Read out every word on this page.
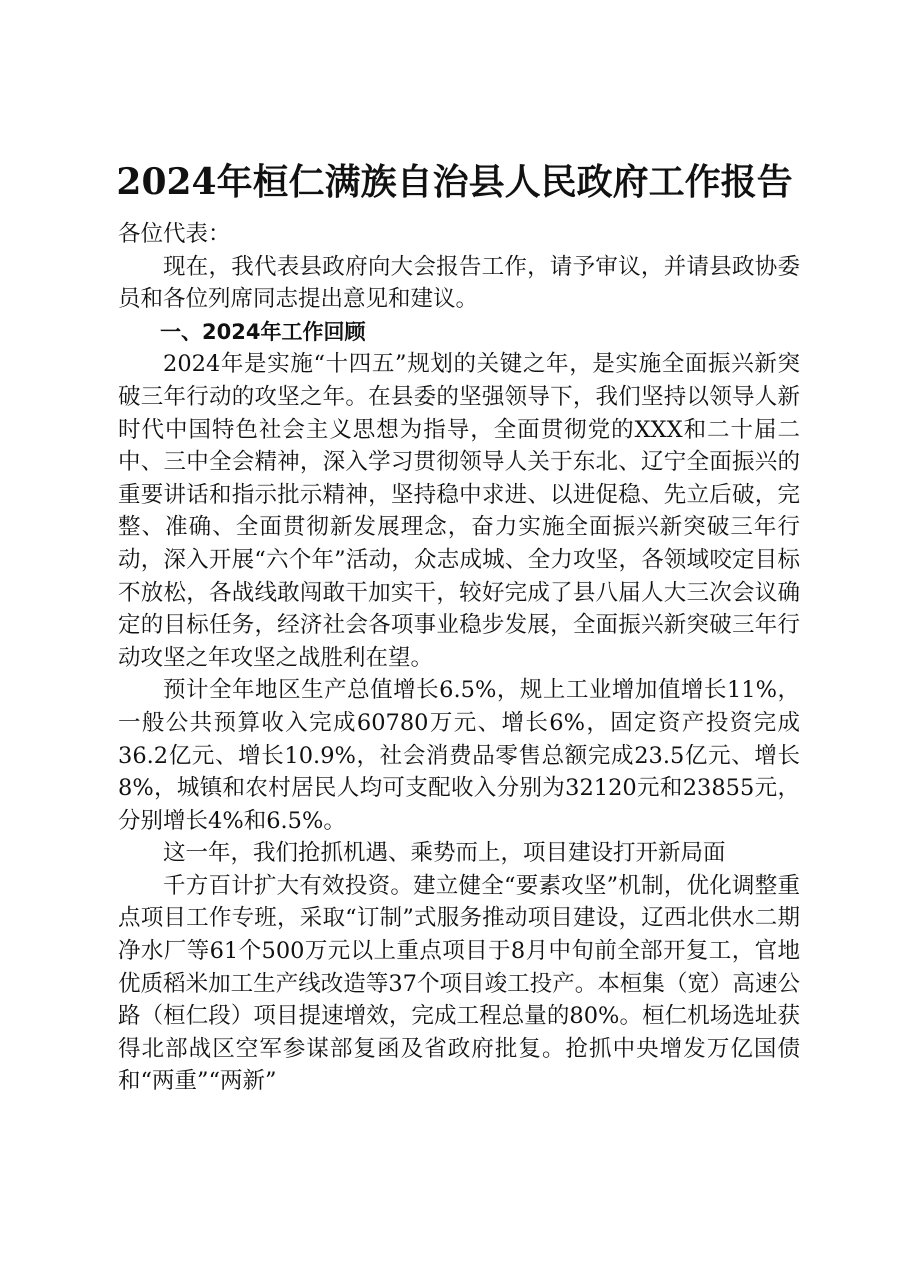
2024年桓仁满族自治县人民政府工作报告

各位代表：

现在，我代表县政府向大会报告工作，请予审议，并请县政协委员和各位列席同志提出意见和建议。

一、2024年工作回顾

2024年是实施“十四五”规划的关键之年，是实施全面振兴新突破三年行动的攻坚之年。在县委的坚强领导下，我们坚持以领导人新时代中国特色社会主义思想为指导，全面贯彻党的XXX和二十届二中、三中全会精神，深入学习贯彻领导人关于东北、辽宁全面振兴的重要讲话和指示批示精神，坚持稳中求进、以进促稳、先立后破，完整、准确、全面贯彻新发展理念，奋力实施全面振兴新突破三年行动，深入开展“六个年”活动，众志成城、全力攻坚，各领域咬定目标不放松，各战线敢闯敢干加实干，较好完成了县八届人大三次会议确定的目标任务，经济社会各项事业稳步发展，全面振兴新突破三年行动攻坚之年攻坚之战胜利在望。

预计全年地区生产总值增长6.5%，规上工业增加值增长11%，一般公共预算收入完成60780万元、增长6%，固定资产投资完成36.2亿元、增长10.9%，社会消费品零售总额完成23.5亿元、增长8%，城镇和农村居民人均可支配收入分别为32120元和23855元，分别增长4%和6.5%。

这一年，我们抢抓机遇、乘势而上，项目建设打开新局面

千方百计扩大有效投资。建立健全“要素攻坚”机制，优化调整重点项目工作专班，采取“订制”式服务推动项目建设，辽西北供水二期净水厂等61个500万元以上重点项目于8月中旬前全部开复工，官地优质稻米加工生产线改造等37个项目竣工投产。本桓集（宽）高速公路（桓仁段）项目提速增效，完成工程总量的80%。桓仁机场选址获得北部战区空军参谋部复函及省政府批复。抢抓中央增发万亿国债和“两重”“两新”
